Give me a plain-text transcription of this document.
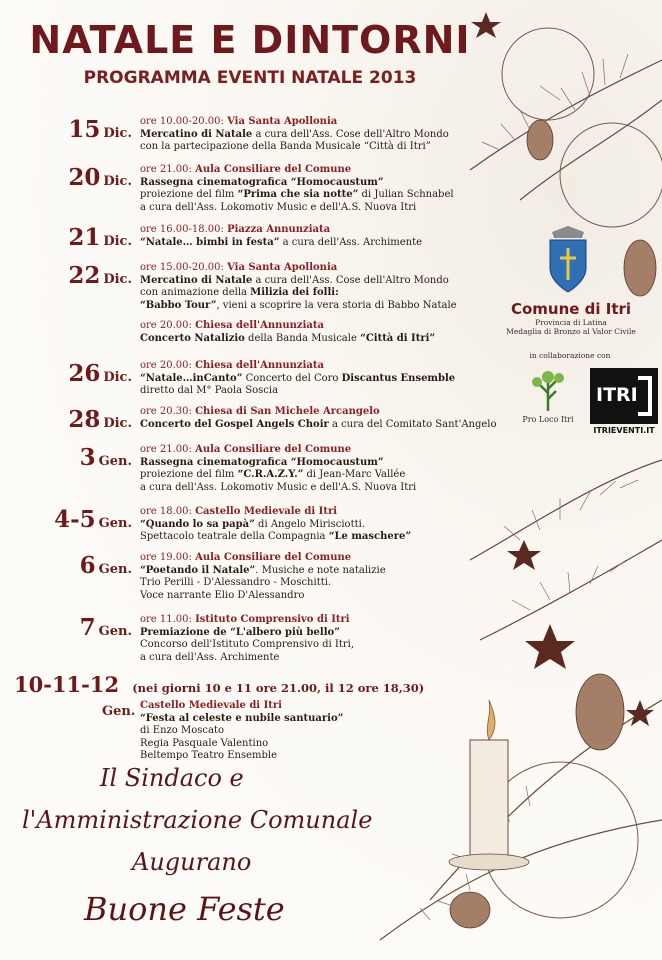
NATALE E DINTORNI
PROGRAMMA EVENTI NATALE 2013
15 Dic.
ore 10.00-20.00: Via Santa Apollonia
Mercatino di Natale a cura dell'Ass. Cose dell'Altro Mondo
con la partecipazione della Banda Musicale “Città di Itri”
20 Dic.
ore 21.00: Aula Consiliare del Comune
Rassegna cinematografica “Homocaustum”
proiezione del film “Prima che sia notte” di Julian Schnabel
a cura dell'Ass. Lokomotiv Music e dell'A.S. Nuova Itri
21 Dic.
ore 16.00-18.00: Piazza Annunziata
“Natale… bimbi in festa” a cura dell'Ass. Archimente
22 Dic.
ore 15.00-20.00: Via Santa Apollonia
Mercatino di Natale a cura dell'Ass. Cose dell'Altro Mondo
con animazione della Milizia dei folli:
“Babbo Tour”, vieni a scoprire la vera storia di Babbo Natale
ore 20.00: Chiesa dell'Annunziata
Concerto Natalizio della Banda Musicale “Città di Itri”
26 Dic.
ore 20.00: Chiesa dell'Annunziata
“Natale…inCanto” Concerto del Coro Discantus Ensemble
diretto dal M° Paola Soscia
28 Dic.
ore 20.30: Chiesa di San Michele Arcangelo
Concerto del Gospel Angels Choir a cura del Comitato Sant'Angelo
3 Gen.
ore 21.00: Aula Consiliare del Comune
Rassegna cinematografica “Homocaustum”
proiezione del film “C.R.A.Z.Y.” di Jean-Marc Vallée
a cura dell'Ass. Lokomotiv Music e dell'A.S. Nuova Itri
4-5 Gen.
ore 18.00: Castello Medievale di Itri
“Quando lo sa papà” di Angelo Mirisciotti.
Spettacolo teatrale della Compagnia “Le maschere”
6 Gen.
ore 19.00: Aula Consiliare del Comune
“Poetando il Natale”. Musiche e note natalizie
Trio Perilli - D'Alessandro - Moschitti.
Voce narrante Elio D'Alessandro
7 Gen.
ore 11.00: Istituto Comprensivo di Itri
Premiazione de “L'albero più bello”
Concorso dell'Istituto Comprensivo di Itri,
a cura dell'Ass. Archimente
10-11-12 (nei giorni 10 e 11 ore 21.00, il 12 ore 18,30)
Gen. Castello Medievale di Itri
“Festa al celeste e nubile santuario”
di Enzo Moscato
Regia Pasquale Valentino
Beltempo Teatro Ensemble
Il Sindaco e
l'Amministrazione Comunale
Augurano
Buone Feste
Comune di Itri
Provincia di Latina
Medaglia di Bronzo al Valor Civile
in collaborazione con
Pro Loco Itri
ITRI
ITRIEVENTI.IT
